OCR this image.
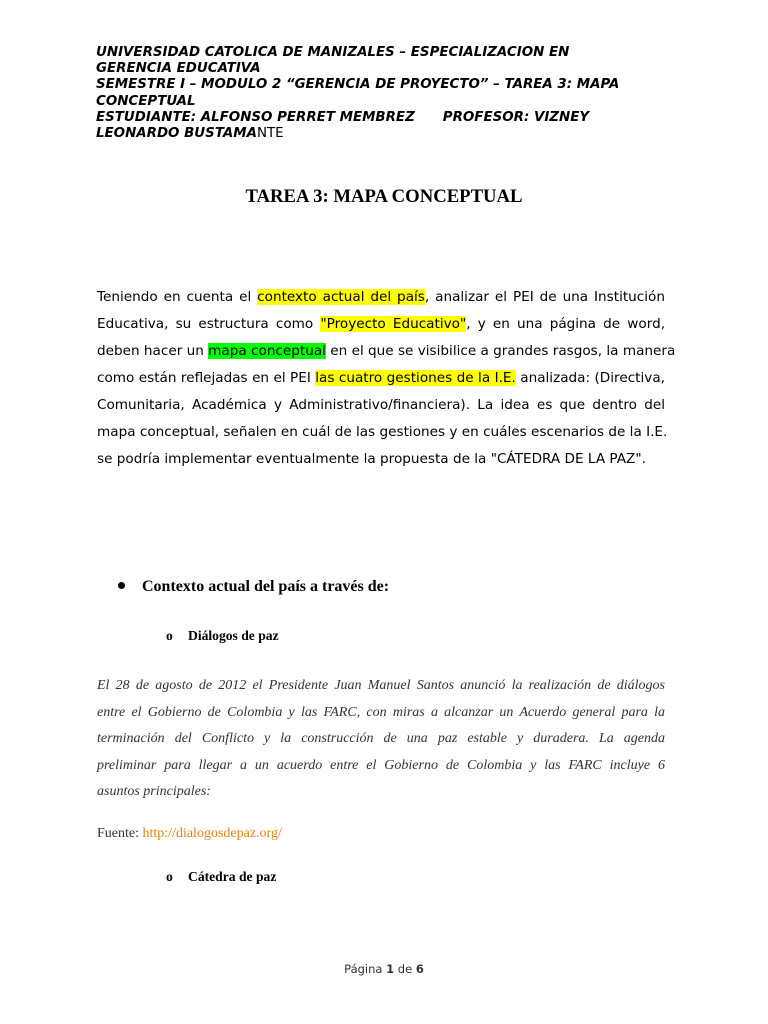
UNIVERSIDAD CATOLICA DE MANIZALES – ESPECIALIZACION EN
GERENCIA EDUCATIVA
SEMESTRE I – MODULO 2 “GERENCIA DE PROYECTO” – TAREA 3: MAPA
CONCEPTUAL
ESTUDIANTE: ALFONSO PERRET MEMBREZ PROFESOR: VIZNEY
LEONARDO BUSTAMANTE
TAREA 3: MAPA CONCEPTUAL
Teniendo en cuenta el contexto actual del país, analizar el PEI de una Institución
Educativa, su estructura como "Proyecto Educativo", y en una página de word,
deben hacer un mapa conceptual en el que se visibilice a grandes rasgos, la manera
como están reflejadas en el PEI las cuatro gestiones de la I.E. analizada: (Directiva,
Comunitaria, Académica y Administrativo/financiera). La idea es que dentro del
mapa conceptual, señalen en cuál de las gestiones y en cuáles escenarios de la I.E.
se podría implementar eventualmente la propuesta de la "CÁTEDRA DE LA PAZ".
Contexto actual del país a través de:
o Diálogos de paz
El 28 de agosto de 2012 el Presidente Juan Manuel Santos anunció la realización de diálogos
entre el Gobierno de Colombia y las FARC, con miras a alcanzar un Acuerdo general para la
terminación del Conflicto y la construcción de una paz estable y duradera. La agenda
preliminar para llegar a un acuerdo entre el Gobierno de Colombia y las FARC incluye 6
asuntos principales:
Fuente: http://dialogosdepaz.org/
o Cátedra de paz
Página 1 de 6
